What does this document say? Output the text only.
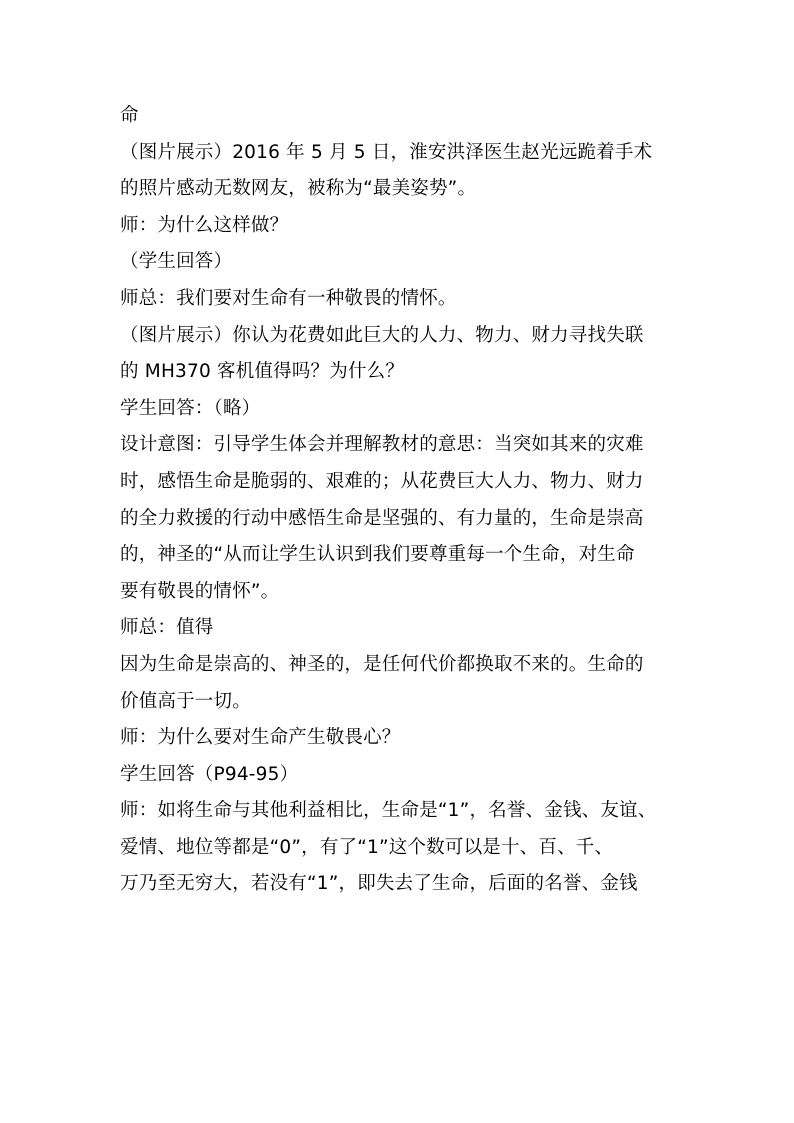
命

（图片展示）2016 年 5 月 5 日，淮安洪泽医生赵光远跪着手术

的照片感动无数网友，被称为“最美姿势”。

师：为什么这样做？

（学生回答）

师总：我们要对生命有一种敬畏的情怀。

（图片展示）你认为花费如此巨大的人力、物力、财力寻找失联

的 MH370 客机值得吗？为什么？

学生回答：（略）

设计意图：引导学生体会并理解教材的意思：当突如其来的灾难

时，感悟生命是脆弱的、艰难的；从花费巨大人力、物力、财力

的全力救援的行动中感悟生命是坚强的、有力量的，生命是崇高

的，神圣的“从而让学生认识到我们要尊重每一个生命，对生命

要有敬畏的情怀”。

师总：值得

因为生命是崇高的、神圣的，是任何代价都换取不来的。生命的

价值高于一切。

师：为什么要对生命产生敬畏心？

学生回答（P94-95）

师：如将生命与其他利益相比，生命是“1”，名誉、金钱、友谊、

爱情、地位等都是“0”，有了“1”这个数可以是十、百、千、

万乃至无穷大，若没有“1”，即失去了生命，后面的名誉、金钱
